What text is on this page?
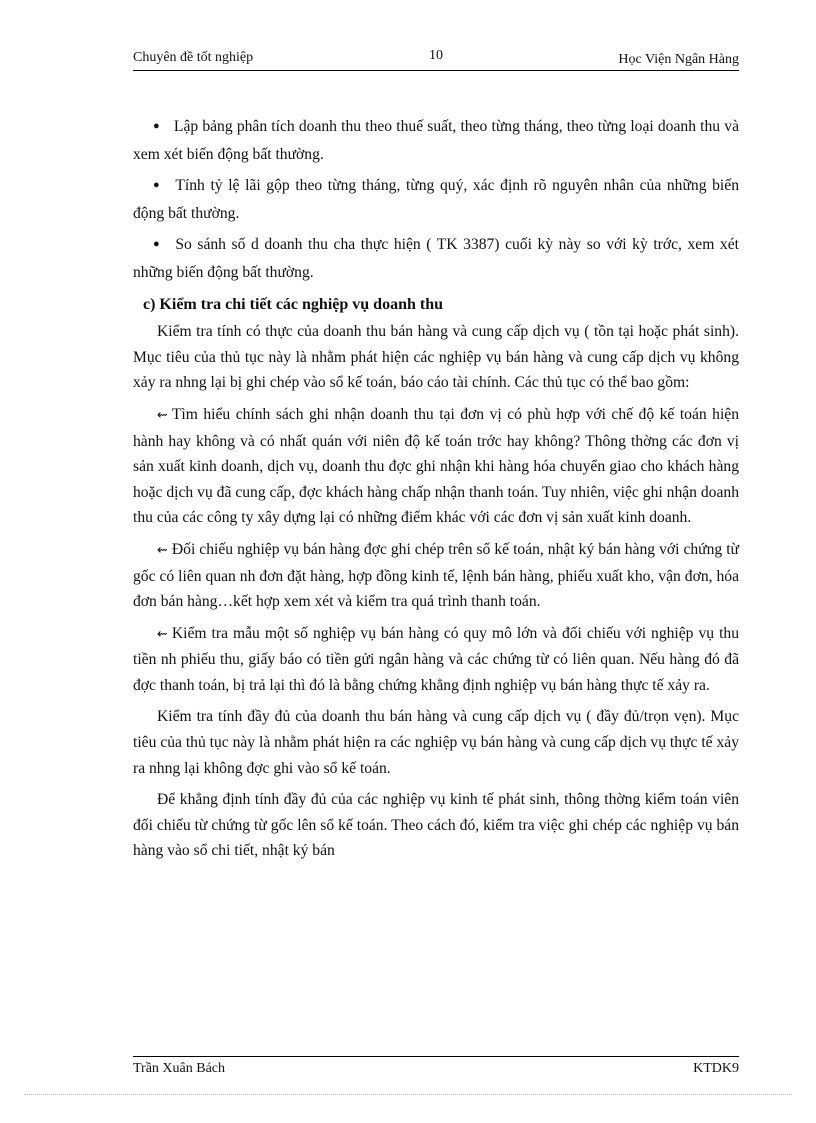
Chuyên đề tốt nghiệp	10	Học Viện Ngân Hàng

● Lập bảng phân tích doanh thu theo thuế suất, theo từng tháng, theo từng loại doanh thu và xem xét biến động bất thường.

● Tính tỷ lệ lãi gộp theo từng tháng, từng quý, xác định rõ nguyên nhân của những biến động bất thường.

● So sánh số d doanh thu cha thực hiện ( TK 3387) cuối kỳ này so với kỳ trớc, xem xét những biến động bất thường.

c) Kiểm tra chi tiết các nghiệp vụ doanh thu

Kiểm tra tính có thực của doanh thu bán hàng và cung cấp dịch vụ ( tồn tại hoặc phát sinh). Mục tiêu của thủ tục này là nhằm phát hiện các nghiệp vụ bán hàng và cung cấp dịch vụ không xảy ra nhng lại bị ghi chép vào sổ kế toán, báo cáo tài chính. Các thủ tục có thể bao gồm:

⇜ Tìm hiểu chính sách ghi nhận doanh thu tại đơn vị có phù hợp với chế độ kế toán hiện hành hay không và có nhất quán với niên độ kế toán trớc hay không? Thông thờng các đơn vị sản xuất kinh doanh, dịch vụ, doanh thu đợc ghi nhận khi hàng hóa chuyển giao cho khách hàng hoặc dịch vụ đã cung cấp, đợc khách hàng chấp nhận thanh toán. Tuy nhiên, việc ghi nhận doanh thu của các công ty xây dựng lại có những điểm khác với các đơn vị sản xuất kinh doanh.

⇜ Đối chiếu nghiệp vụ bán hàng đợc ghi chép trên sổ kế toán, nhật ký bán hàng với chứng từ gốc có liên quan nh đơn đặt hàng, hợp đồng kinh tế, lệnh bán hàng, phiếu xuất kho, vận đơn, hóa đơn bán hàng…kết hợp xem xét và kiểm tra quá trình thanh toán.

⇜ Kiểm tra mẫu một số nghiệp vụ bán hàng có quy mô lớn và đối chiếu với nghiệp vụ thu tiền nh phiếu thu, giấy báo có tiền gửi ngân hàng và các chứng từ có liên quan. Nếu hàng đó đã đợc thanh toán, bị trả lại thì đó là bằng chứng khẳng định nghiệp vụ bán hàng thực tế xảy ra.

Kiểm tra tính đầy đủ của doanh thu bán hàng và cung cấp dịch vụ ( đầy đủ/trọn vẹn). Mục tiêu của thủ tục này là nhằm phát hiện ra các nghiệp vụ bán hàng và cung cấp dịch vụ thực tế xảy ra nhng lại không đợc ghi vào sổ kế toán.

Để khẳng định tính đầy đủ của các nghiệp vụ kinh tế phát sinh, thông thờng kiểm toán viên đối chiếu từ chứng từ gốc lên sổ kế toán. Theo cách đó, kiểm tra việc ghi chép các nghiệp vụ bán hàng vào sổ chi tiết, nhật ký bán

Trần Xuân Bách	KTDK9
